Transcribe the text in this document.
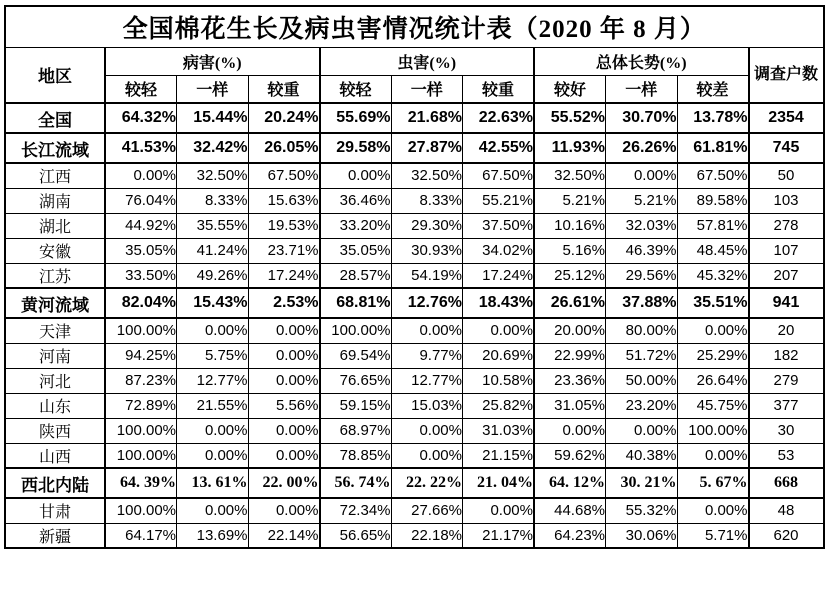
全国棉花生长及病虫害情况统计表（2020 年 8 月）										
地区	病害(%)			虫害(%)			总体长势(%)			调查户数
	较轻	一样	较重	较轻	一样	较重	较好	一样	较差	
全国	64.32%	15.44%	20.24%	55.69%	21.68%	22.63%	55.52%	30.70%	13.78%	2354
长江流域	41.53%	32.42%	26.05%	29.58%	27.87%	42.55%	11.93%	26.26%	61.81%	745
江西	0.00%	32.50%	67.50%	0.00%	32.50%	67.50%	32.50%	0.00%	67.50%	50
湖南	76.04%	8.33%	15.63%	36.46%	8.33%	55.21%	5.21%	5.21%	89.58%	103
湖北	44.92%	35.55%	19.53%	33.20%	29.30%	37.50%	10.16%	32.03%	57.81%	278
安徽	35.05%	41.24%	23.71%	35.05%	30.93%	34.02%	5.16%	46.39%	48.45%	107
江苏	33.50%	49.26%	17.24%	28.57%	54.19%	17.24%	25.12%	29.56%	45.32%	207
黄河流域	82.04%	15.43%	2.53%	68.81%	12.76%	18.43%	26.61%	37.88%	35.51%	941
天津	100.00%	0.00%	0.00%	100.00%	0.00%	0.00%	20.00%	80.00%	0.00%	20
河南	94.25%	5.75%	0.00%	69.54%	9.77%	20.69%	22.99%	51.72%	25.29%	182
河北	87.23%	12.77%	0.00%	76.65%	12.77%	10.58%	23.36%	50.00%	26.64%	279
山东	72.89%	21.55%	5.56%	59.15%	15.03%	25.82%	31.05%	23.20%	45.75%	377
陕西	100.00%	0.00%	0.00%	68.97%	0.00%	31.03%	0.00%	0.00%	100.00%	30
山西	100.00%	0.00%	0.00%	78.85%	0.00%	21.15%	59.62%	40.38%	0.00%	53
西北内陆	64. 39%	13. 61%	22. 00%	56. 74%	22. 22%	21. 04%	64. 12%	30. 21%	5. 67%	668
甘肃	100.00%	0.00%	0.00%	72.34%	27.66%	0.00%	44.68%	55.32%	0.00%	48
新疆	64.17%	13.69%	22.14%	56.65%	22.18%	21.17%	64.23%	30.06%	5.71%	620
